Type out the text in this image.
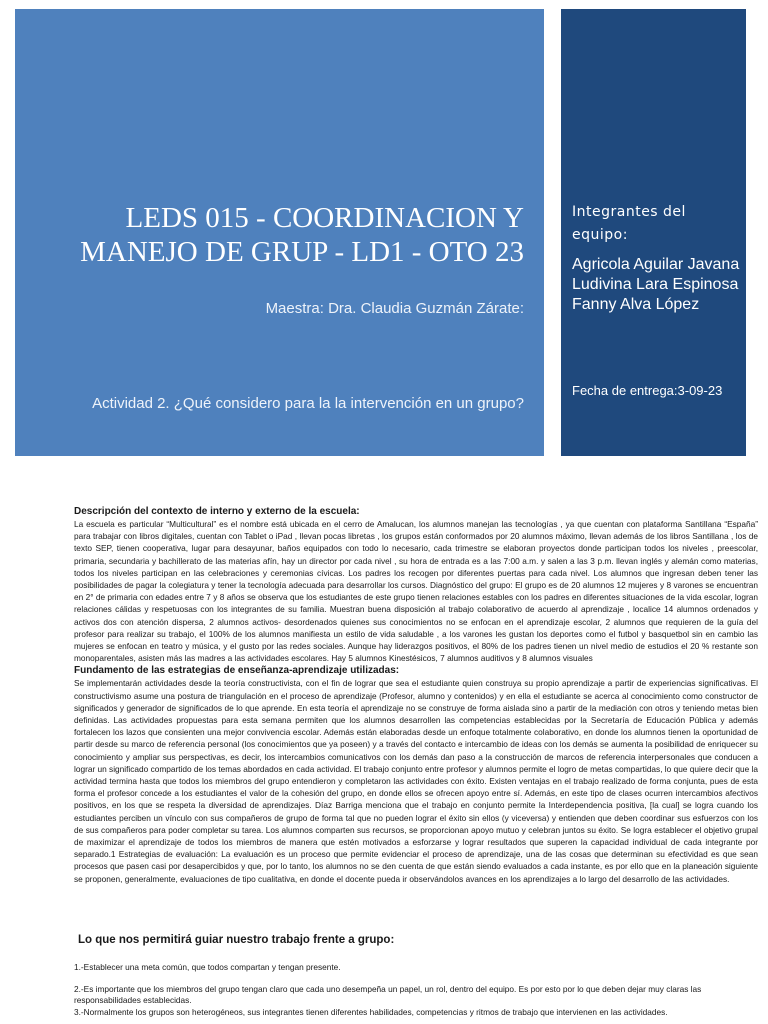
LEDS 015 - COORDINACION Y MANEJO DE GRUP - LD1 - OTO 23
Maestra: Dra. Claudia Guzmán Zárate:
Actividad 2. ¿Qué considero para la la intervención en un grupo?
Integrantes del equipo:
Agricola Aguilar Javana
Ludivina Lara Espinosa
Fanny Alva López
Fecha de entrega:3-09-23
Descripción del contexto de interno y externo de la escuela:

La escuela es particular “Multicultural” es el nombre está ubicada en el cerro de Amalucan, los alumnos manejan las tecnologías , ya que cuentan con plataforma Santillana “España” para trabajar con libros digitales, cuentan con Tablet o iPad , llevan pocas libretas , los grupos están conformados por 20 alumnos máximo, llevan además de los libros Santillana , los de texto SEP, tienen cooperativa, lugar para desayunar, baños equipados con todo lo necesario, cada trimestre se elaboran proyectos donde participan todos los niveles , preescolar, primaria, secundaria y bachillerato de las materias afín, hay un director por cada nivel , su hora de entrada es a las 7:00 a.m. y salen a las 3 p.m. llevan inglés y alemán como materias, todos los niveles participan en las celebraciones y ceremonias cívicas. Los padres los recogen por diferentes puertas para cada nivel. Los alumnos que ingresan deben tener las posibilidades de pagar la colegiatura y tener la tecnología adecuada para desarrollar los cursos. Diagnóstico del grupo: El grupo es de 20 alumnos 12 mujeres y 8 varones se encuentran en 2° de primaria con edades entre 7 y 8 años se observa que los estudiantes de este grupo tienen relaciones estables con los padres en diferentes situaciones de la vida escolar, logran relaciones cálidas y respetuosas con los integrantes de su familia. Muestran buena disposición al trabajo colaborativo de acuerdo al aprendizaje , localice 14 alumnos ordenados y activos dos con atención dispersa, 2 alumnos activos- desordenados quienes sus conocimientos no se enfocan en el aprendizaje escolar, 2 alumnos que requieren de la guía del profesor para realizar su trabajo, el 100% de los alumnos manifiesta un estilo de vida saludable , a los varones les gustan los deportes como el futbol y basquetbol sin en cambio las mujeres se enfocan en teatro y música, y el gusto por las redes sociales. Aunque hay liderazgos positivos, el 80% de los padres tienen un nivel medio de estudios el 20 % restante son monoparentales, asisten más las madres a las actividades escolares. Hay 5 alumnos Kinestésicos, 7 alumnos auditivos y 8 alumnos visuales

Fundamento de las estrategias de enseñanza-aprendizaje utilizadas:

Se implementarán actividades desde la teoría constructivista, con el fin de lograr que sea el estudiante quien construya su propio aprendizaje a partir de experiencias significativas. El constructivismo asume una postura de triangulación en el proceso de aprendizaje (Profesor, alumno y contenidos) y en ella el estudiante se acerca al conocimiento como constructor de significados y generador de significados de lo que aprende. En esta teoría el aprendizaje no se construye de forma aislada sino a partir de la mediación con otros y teniendo metas bien definidas. Las actividades propuestas para esta semana permiten que los alumnos desarrollen las competencias establecidas por la Secretaría de Educación Pública y además fortalecen los lazos que consienten una mejor convivencia escolar. Además están elaboradas desde un enfoque totalmente colaborativo, en donde los alumnos tienen la oportunidad de partir desde su marco de referencia personal (los conocimientos que ya poseen) y a través del contacto e intercambio de ideas con los demás se aumenta la posibilidad de enriquecer su conocimiento y ampliar sus perspectivas, es decir, los intercambios comunicativos con los demás dan paso a la construcción de marcos de referencia interpersonales que conducen a lograr un significado compartido de los temas abordados en cada actividad. El trabajo conjunto entre profesor y alumnos permite el logro de metas compartidas, lo que quiere decir que la actividad termina hasta que todos los miembros del grupo entendieron y completaron las actividades con éxito. Existen ventajas en el trabajo realizado de forma conjunta, pues de esta forma el profesor concede a los estudiantes el valor de la cohesión del grupo, en donde ellos se ofrecen apoyo entre sí. Además, en este tipo de clases ocurren intercambios afectivos positivos, en los que se respeta la diversidad de aprendizajes. Díaz Barriga menciona que el trabajo en conjunto permite la Interdependencia positiva, [la cual] se logra cuando los estudiantes perciben un vínculo con sus compañeros de grupo de forma tal que no pueden lograr el éxito sin ellos (y viceversa) y entienden que deben coordinar sus esfuerzos con los de sus compañeros para poder completar su tarea. Los alumnos comparten sus recursos, se proporcionan apoyo mutuo y celebran juntos su éxito. Se logra establecer el objetivo grupal de maximizar el aprendizaje de todos los miembros de manera que estén motivados a esforzarse y lograr resultados que superen la capacidad individual de cada integrante por separado.1 Estrategias de evaluación: La evaluación es un proceso que permite evidenciar el proceso de aprendizaje, una de las cosas que determinan su efectividad es que sean procesos que pasen casi por desapercibidos y que, por lo tanto, los alumnos no se den cuenta de que están siendo evaluados a cada instante, es por ello que en la planeación siguiente se proponen, generalmente, evaluaciones de tipo cualitativa, en donde el docente pueda ir observándolos avances en los aprendizajes a lo largo del desarrollo de las actividades.

Lo que nos permitirá guiar nuestro trabajo frente a grupo:
1.-Establecer una meta común, que todos compartan y tengan presente.
2.-Es importante que los miembros del grupo tengan claro que cada uno desempeña un papel, un rol, dentro del equipo. Es por esto por lo que deben dejar muy claras las responsabilidades establecidas.
3.-Normalmente los grupos son heterogéneos, sus integrantes tienen diferentes habilidades, competencias y ritmos de trabajo que intervienen en las actividades.
